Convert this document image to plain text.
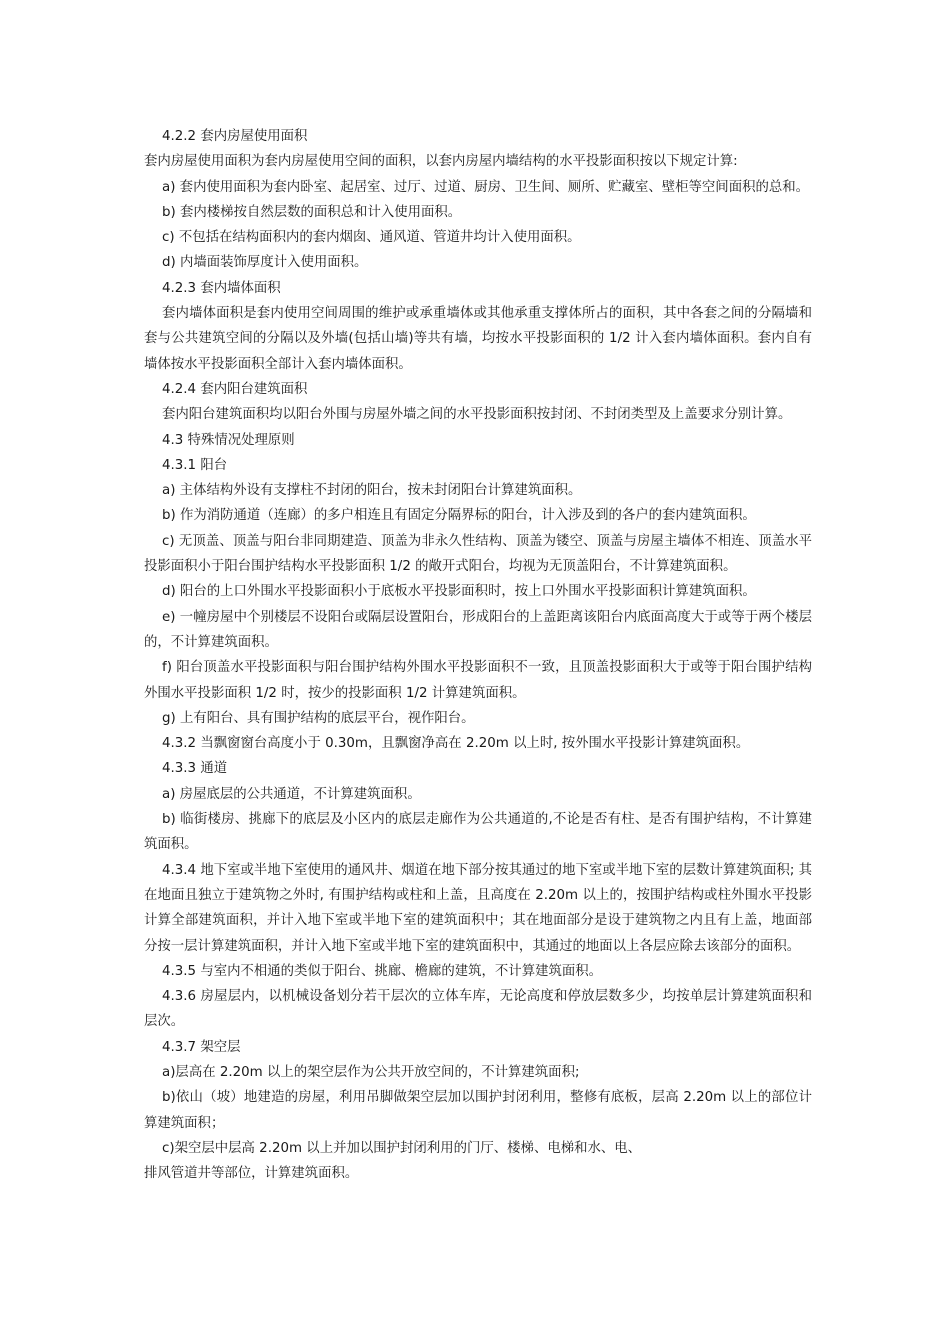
4.2.2 套内房屋使用面积

套内房屋使用面积为套内房屋使用空间的面积，以套内房屋内墙结构的水平投影面积按以下规定计算:

a) 套内使用面积为套内卧室、起居室、过厅、过道、厨房、卫生间、厕所、贮藏室、壁柜等空间面积的总和。

b) 套内楼梯按自然层数的面积总和计入使用面积。

c) 不包括在结构面积内的套内烟囱、通风道、管道井均计入使用面积。

d) 内墙面装饰厚度计入使用面积。

4.2.3 套内墙体面积

套内墙体面积是套内使用空间周围的维护或承重墙体或其他承重支撑体所占的面积，其中各套之间的分隔墙和套与公共建筑空间的分隔以及外墙(包括山墙)等共有墙，均按水平投影面积的 1/2 计入套内墙体面积。套内自有墙体按水平投影面积全部计入套内墙体面积。

4.2.4 套内阳台建筑面积

套内阳台建筑面积均以阳台外围与房屋外墙之间的水平投影面积按封闭、不封闭类型及上盖要求分别计算。

4.3 特殊情况处理原则

4.3.1 阳台

a) 主体结构外设有支撑柱不封闭的阳台，按未封闭阳台计算建筑面积。

b) 作为消防通道（连廊）的多户相连且有固定分隔界标的阳台，计入涉及到的各户的套内建筑面积。

c) 无顶盖、顶盖与阳台非同期建造、顶盖为非永久性结构、顶盖为镂空、顶盖与房屋主墙体不相连、顶盖水平投影面积小于阳台围护结构水平投影面积 1/2 的敞开式阳台，均视为无顶盖阳台，不计算建筑面积。

d) 阳台的上口外围水平投影面积小于底板水平投影面积时，按上口外围水平投影面积计算建筑面积。

e) 一幢房屋中个别楼层不设阳台或隔层设置阳台，形成阳台的上盖距离该阳台内底面高度大于或等于两个楼层的，不计算建筑面积。

f) 阳台顶盖水平投影面积与阳台围护结构外围水平投影面积不一致，且顶盖投影面积大于或等于阳台围护结构外围水平投影面积 1/2 时，按少的投影面积 1/2 计算建筑面积。

g) 上有阳台、具有围护结构的底层平台，视作阳台。

4.3.2 当飘窗窗台高度小于 0.30m，且飘窗净高在 2.20m 以上时, 按外围水平投影计算建筑面积。

4.3.3 通道

a) 房屋底层的公共通道，不计算建筑面积。

b) 临街楼房、挑廊下的底层及小区内的底层走廊作为公共通道的,不论是否有柱、是否有围护结构，不计算建筑面积。

4.3.4 地下室或半地下室使用的通风井、烟道在地下部分按其通过的地下室或半地下室的层数计算建筑面积; 其在地面且独立于建筑物之外时, 有围护结构或柱和上盖，且高度在 2.20m 以上的，按围护结构或柱外围水平投影计算全部建筑面积，并计入地下室或半地下室的建筑面积中；其在地面部分是设于建筑物之内且有上盖，地面部分按一层计算建筑面积，并计入地下室或半地下室的建筑面积中，其通过的地面以上各层应除去该部分的面积。

4.3.5 与室内不相通的类似于阳台、挑廊、檐廊的建筑，不计算建筑面积。

4.3.6 房屋层内，以机械设备划分若干层次的立体车库，无论高度和停放层数多少，均按单层计算建筑面积和层次。

4.3.7 架空层

a)层高在 2.20m 以上的架空层作为公共开放空间的，不计算建筑面积;

b)依山（坡）地建造的房屋，利用吊脚做架空层加以围护封闭利用，整修有底板，层高 2.20m 以上的部位计算建筑面积；

c)架空层中层高 2.20m 以上并加以围护封闭利用的门厅、楼梯、电梯和水、电、

排风管道井等部位，计算建筑面积。
